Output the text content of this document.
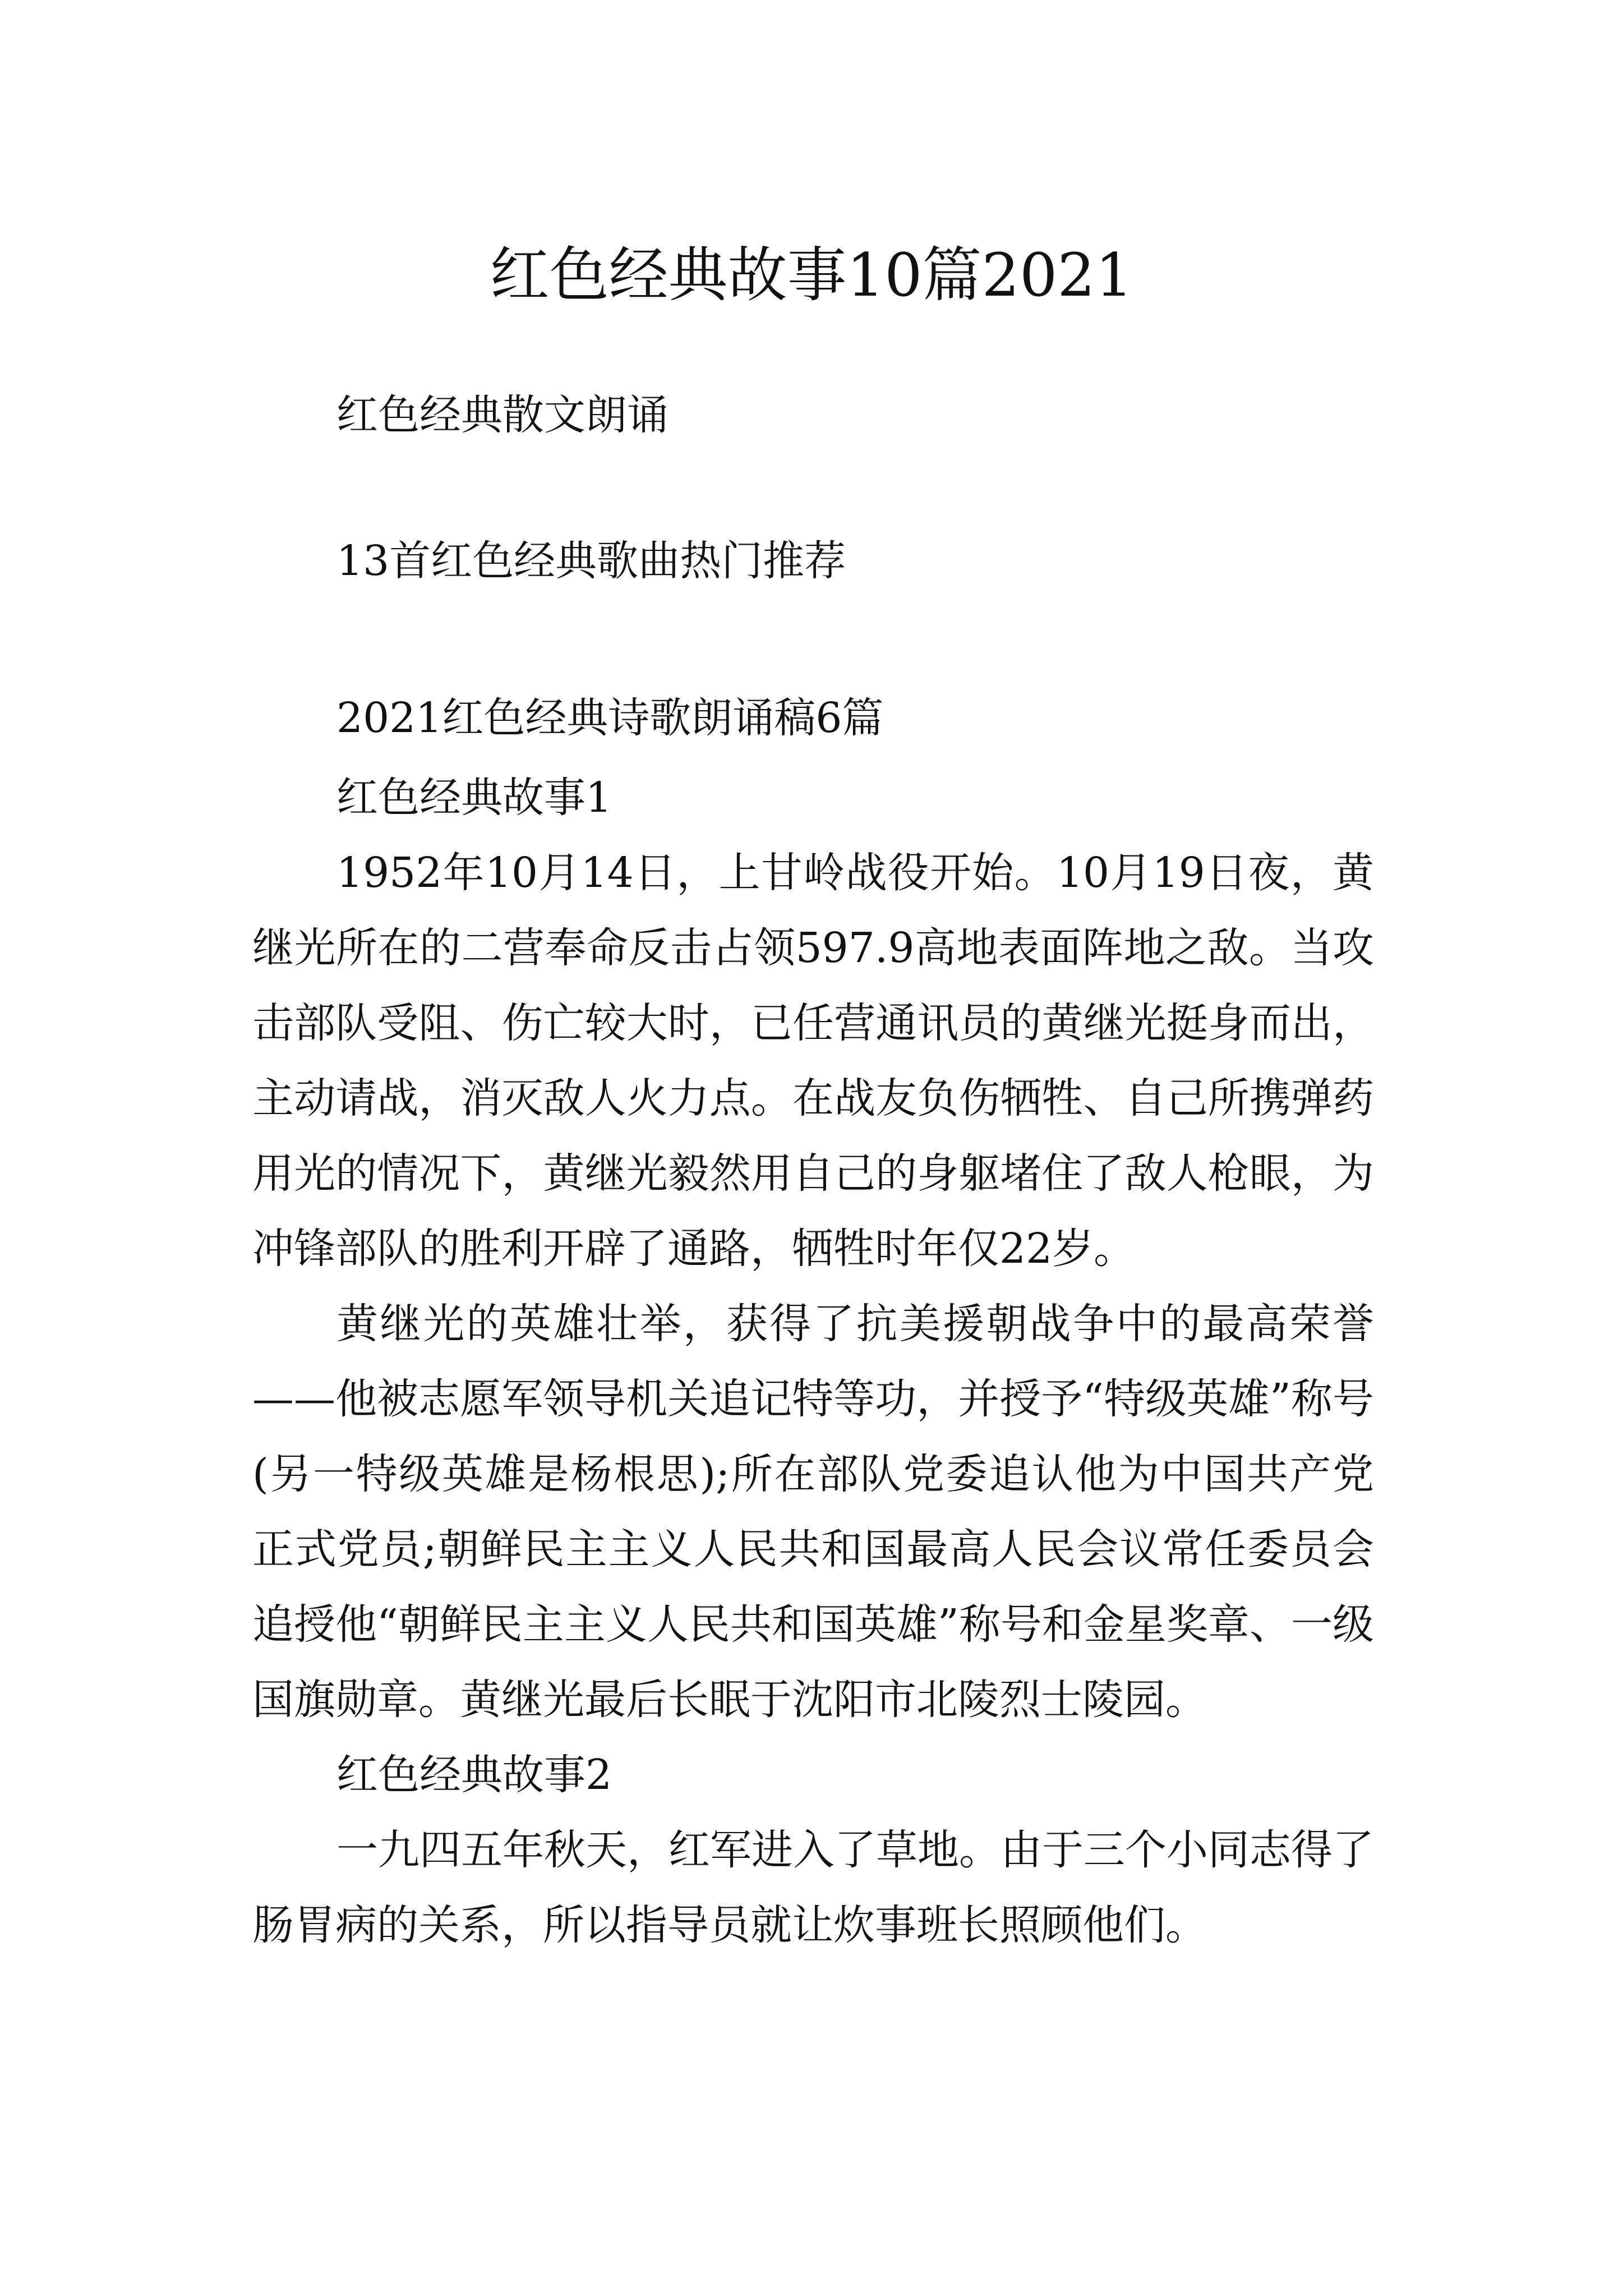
红色经典故事10篇2021
红色经典散文朗诵
13首红色经典歌曲热门推荐
2021红色经典诗歌朗诵稿6篇

红色经典故事1

1952年10月14日，上甘岭战役开始。10月19日夜，黄继光所在的二营奉命反击占领597.9高地表面阵地之敌。当攻击部队受阻、伤亡较大时，已任营通讯员的黄继光挺身而出，主动请战，消灭敌人火力点。在战友负伤牺牲、自己所携弹药用光的情况下，黄继光毅然用自己的身躯堵住了敌人枪眼，为冲锋部队的胜利开辟了通路，牺牲时年仅22岁。

黄继光的英雄壮举，获得了抗美援朝战争中的最高荣誉——他被志愿军领导机关追记特等功，并授予“特级英雄”称号(另一特级英雄是杨根思);所在部队党委追认他为中国共产党正式党员;朝鲜民主主义人民共和国最高人民会议常任委员会追授他“朝鲜民主主义人民共和国英雄”称号和金星奖章、一级国旗勋章。黄继光最后长眠于沈阳市北陵烈士陵园。

红色经典故事2

一九四五年秋天，红军进入了草地。由于三个小同志得了肠胃病的关系，所以指导员就让炊事班长照顾他们。
